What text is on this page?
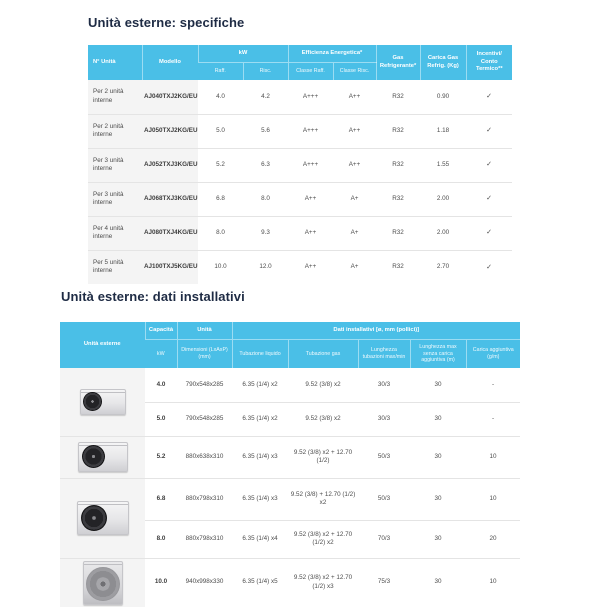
Unità esterne: specifiche
N° Unità	Modello	kW		Efficienza Energetica*		Gas Refrigerante*	Carica Gas Refrig. (Kg)	Incentivi/ Conto Termico**
		Raff.	Risc.	Classe Raff.	Classe Risc.			
Per 2 unità interne	AJ040TXJ2KG/EU	4.0	4.2	A+++	A++	R32	0.90	✓
Per 2 unità interne	AJ050TXJ2KG/EU	5.0	5.6	A+++	A++	R32	1.18	✓
Per 3 unità interne	AJ052TXJ3KG/EU	5.2	6.3	A+++	A++	R32	1.55	✓
Per 3 unità interne	AJ068TXJ3KG/EU	6.8	8.0	A++	A+	R32	2.00	✓
Per 4 unità interne	AJ080TXJ4KG/EU	8.0	9.3	A++	A+	R32	2.00	✓
Per 5 unità interne	AJ100TXJ5KG/EU	10.0	12.0	A++	A+	R32	2.70	✓
Unità esterne: dati installativi
Unità esterne	Capacità	Unità	Dati installativi [ø, mm (pollici)]				
	kW	Dimensioni (LxAxP) (mm)	Tubazione liquido	Tubazione gas	Lunghezza tubazioni max/min	Lunghezza max senza carica aggiuntiva (m)	Carica aggiuntiva (g/m)

	4.0	790x548x285	6.35 (1/4) x2	9.52 (3/8) x2	30/3	30	-
	5.0	790x548x285	6.35 (1/4) x2	9.52 (3/8) x2	30/3	30	-

	5.2	880x638x310	6.35 (1/4) x3	9.52 (3/8) x2 + 12.70 (1/2)	50/3	30	10

	6.8	880x798x310	6.35 (1/4) x3	9.52 (3/8) + 12.70 (1/2) x2	50/3	30	10
	8.0	880x798x310	6.35 (1/4) x4	9.52 (3/8) x2 + 12.70 (1/2) x2	70/3	30	20

	10.0	940x998x330	6.35 (1/4) x5	9.52 (3/8) x2 + 12.70 (1/2) x3	75/3	30	10
